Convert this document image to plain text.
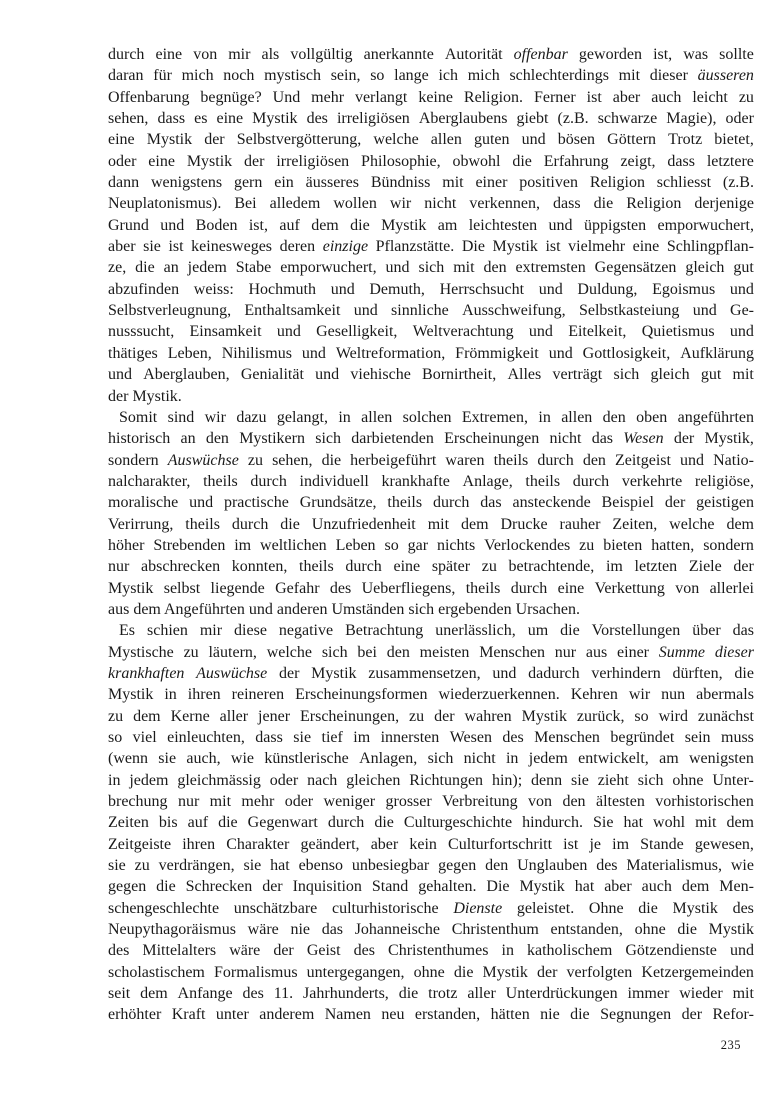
durch eine von mir als vollgültig anerkannte Autorität offenbar geworden ist, was sollte
daran für mich noch mystisch sein, so lange ich mich schlechterdings mit dieser äusseren
Offenbarung begnüge? Und mehr verlangt keine Religion. Ferner ist aber auch leicht zu
sehen, dass es eine Mystik des irreligiösen Aberglaubens giebt (z.B. schwarze Magie), oder
eine Mystik der Selbstvergötterung, welche allen guten und bösen Göttern Trotz bietet,
oder eine Mystik der irreligiösen Philosophie, obwohl die Erfahrung zeigt, dass letztere
dann wenigstens gern ein äusseres Bündniss mit einer positiven Religion schliesst (z.B.
Neuplatonismus). Bei alledem wollen wir nicht verkennen, dass die Religion derjenige
Grund und Boden ist, auf dem die Mystik am leichtesten und üppigsten emporwuchert,
aber sie ist keinesweges deren einzige Pflanzstätte. Die Mystik ist vielmehr eine Schlingpflan-
ze, die an jedem Stabe emporwuchert, und sich mit den extremsten Gegensätzen gleich gut
abzufinden weiss: Hochmuth und Demuth, Herrschsucht und Duldung, Egoismus und
Selbstverleugnung, Enthaltsamkeit und sinnliche Ausschweifung, Selbstkasteiung und Ge-
nusssucht, Einsamkeit und Geselligkeit, Weltverachtung und Eitelkeit, Quietismus und
thätiges Leben, Nihilismus und Weltreformation, Frömmigkeit und Gottlosigkeit, Aufklärung
und Aberglauben, Genialität und viehische Bornirtheit, Alles verträgt sich gleich gut mit
der Mystik.
Somit sind wir dazu gelangt, in allen solchen Extremen, in allen den oben angeführten
historisch an den Mystikern sich darbietenden Erscheinungen nicht das Wesen der Mystik,
sondern Auswüchse zu sehen, die herbeigeführt waren theils durch den Zeitgeist und Natio-
nalcharakter, theils durch individuell krankhafte Anlage, theils durch verkehrte religiöse,
moralische und practische Grundsätze, theils durch das ansteckende Beispiel der geistigen
Verirrung, theils durch die Unzufriedenheit mit dem Drucke rauher Zeiten, welche dem
höher Strebenden im weltlichen Leben so gar nichts Verlockendes zu bieten hatten, sondern
nur abschrecken konnten, theils durch eine später zu betrachtende, im letzten Ziele der
Mystik selbst liegende Gefahr des Ueberfliegens, theils durch eine Verkettung von allerlei
aus dem Angeführten und anderen Umständen sich ergebenden Ursachen.
Es schien mir diese negative Betrachtung unerlässlich, um die Vorstellungen über das
Mystische zu läutern, welche sich bei den meisten Menschen nur aus einer Summe dieser
krankhaften Auswüchse der Mystik zusammensetzen, und dadurch verhindern dürften, die
Mystik in ihren reineren Erscheinungsformen wiederzuerkennen. Kehren wir nun abermals
zu dem Kerne aller jener Erscheinungen, zu der wahren Mystik zurück, so wird zunächst
so viel einleuchten, dass sie tief im innersten Wesen des Menschen begründet sein muss
(wenn sie auch, wie künstlerische Anlagen, sich nicht in jedem entwickelt, am wenigsten
in jedem gleichmässig oder nach gleichen Richtungen hin); denn sie zieht sich ohne Unter-
brechung nur mit mehr oder weniger grosser Verbreitung von den ältesten vorhistorischen
Zeiten bis auf die Gegenwart durch die Culturgeschichte hindurch. Sie hat wohl mit dem
Zeitgeiste ihren Charakter geändert, aber kein Culturfortschritt ist je im Stande gewesen,
sie zu verdrängen, sie hat ebenso unbesiegbar gegen den Unglauben des Materialismus, wie
gegen die Schrecken der Inquisition Stand gehalten. Die Mystik hat aber auch dem Men-
schengeschlechte unschätzbare culturhistorische Dienste geleistet. Ohne die Mystik des
Neupythagoräismus wäre nie das Johanneische Christenthum entstanden, ohne die Mystik
des Mittelalters wäre der Geist des Christenthumes in katholischem Götzendienste und
scholastischem Formalismus untergegangen, ohne die Mystik der verfolgten Ketzergemeinden
seit dem Anfange des 11. Jahrhunderts, die trotz aller Unterdrückungen immer wieder mit
erhöhter Kraft unter anderem Namen neu erstanden, hätten nie die Segnungen der Refor-
235
